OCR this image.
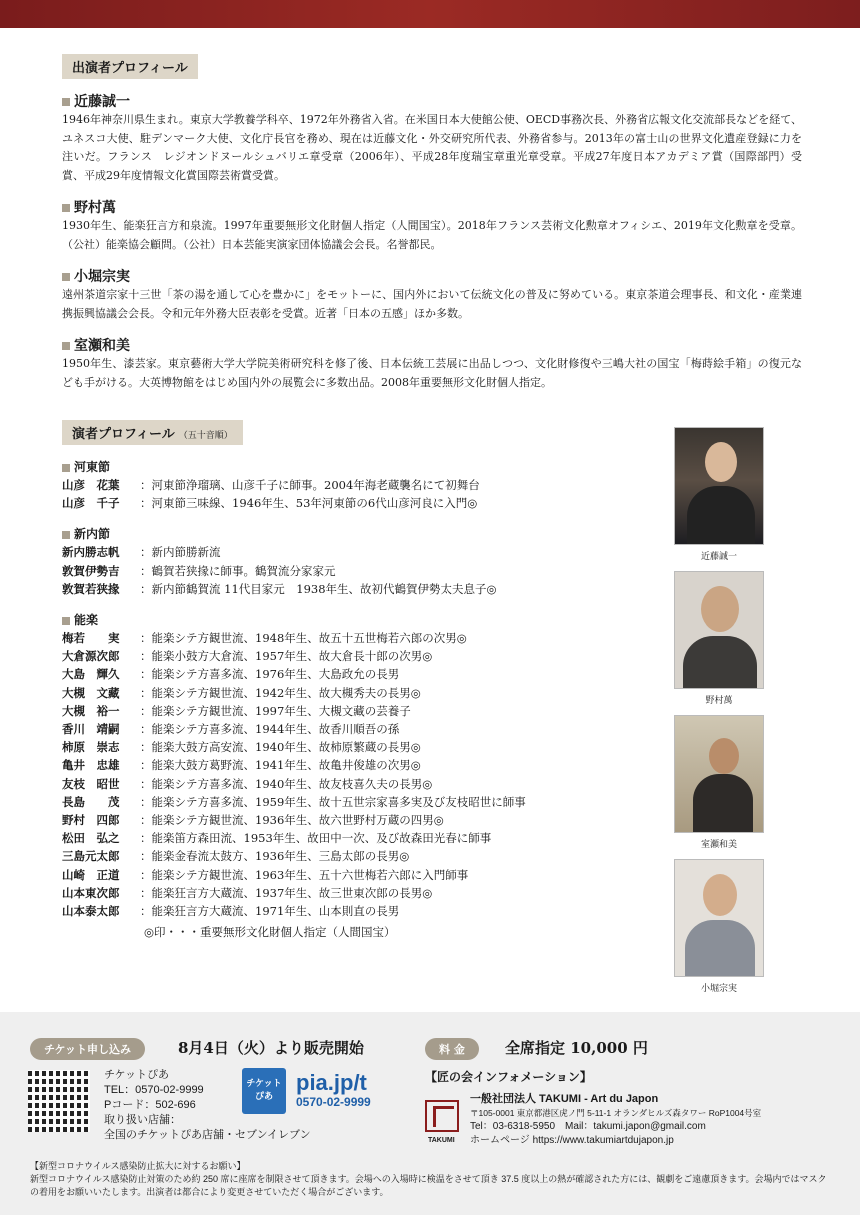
出演者プロフィール
近藤誠一
1946年神奈川県生まれ。東京大学教養学科卒、1972年外務省入省。在米国日本大使館公使、OECD事務次長、外務省広報文化交流部長などを経て、ユネスコ大使、駐デンマーク大使、文化庁長官を務め、現在は近藤文化・外交研究所代表、外務省参与。2013年の富士山の世界文化遺産登録に力を注いだ。フランス　レジオンドヌールシュバリエ章受章（2006年）、平成28年度瑞宝章重光章受章。平成27年度日本アカデミア賞（国際部門）受賞、平成29年度情報文化賞国際芸術賞受賞。
野村萬
1930年生、能楽狂言方和泉流。1997年重要無形文化財個人指定（人間国宝）。2018年フランス芸術文化勲章オフィシエ、2019年文化勲章を受章。（公社）能楽協会顧問。（公社）日本芸能実演家団体協議会会長。名誉都民。
小堀宗実
遠州茶道宗家十三世「茶の湯を通して心を豊かに」をモットーに、国内外において伝統文化の普及に努めている。東京茶道会理事長、和文化・産業連携振興協議会会長。令和元年外務大臣表彰を受賞。近著「日本の五感」ほか多数。
室瀬和美
1950年生、漆芸家。東京藝術大学大学院美術研究科を修了後、日本伝統工芸展に出品しつつ、文化財修復や三嶋大社の国宝「梅蒔絵手箱」の復元なども手がける。大英博物館をはじめ国内外の展覧会に多数出品。2008年重要無形文化財個人指定。
演者プロフィール （五十音順）
河東節
山彦　花葉 ：河東節浄瑠璃、山彦千子に師事。2004年海老蔵襲名にて初舞台
山彦　千子 ：河東節三味線、1946年生、53年河東節の6代山彦河良に入門◎
新内節
新内勝志帆 ：新内節勝新流
敦賀伊勢吉 ：鶴賀若狭掾に師事。鶴賀流分家家元
敦賀若狭掾 ：新内節鶴賀流 11代目家元　1938年生、故初代鶴賀伊勢太夫息子◎
能楽
梅若　　実 ：能楽シテ方観世流、1948年生、故五十五世梅若六郎の次男◎
大倉源次郎 ：能楽小鼓方大倉流、1957年生、故大倉長十郎の次男◎
大島　輝久 ：能楽シテ方喜多流、1976年生、大島政允の長男
大槻　文藏 ：能楽シテ方観世流、1942年生、故大槻秀夫の長男◎
大槻　裕一 ：能楽シテ方観世流、1997年生、大槻文藏の芸養子
香川　靖嗣 ：能楽シテ方喜多流、1944年生、故香川順吾の孫
柿原　崇志 ：能楽大鼓方高安流、1940年生、故柿原繁蔵の長男◎
亀井　忠雄 ：能楽大鼓方葛野流、1941年生、故亀井俊雄の次男◎
友枝　昭世 ：能楽シテ方喜多流、1940年生、故友枝喜久夫の長男◎
長島　　茂 ：能楽シテ方喜多流、1959年生、故十五世宗家喜多実及び友枝昭世に師事
野村　四郎 ：能楽シテ方観世流、1936年生、故六世野村万蔵の四男◎
松田　弘之 ：能楽笛方森田流、1953年生、故田中一次、及び故森田光春に師事
三島元太郎 ：能楽金春流太鼓方、1936年生、三島太郎の長男◎
山崎　正道 ：能楽シテ方観世流、1963年生、五十六世梅若六郎に入門師事
山本東次郎 ：能楽狂言方大蔵流、1937年生、故三世東次郎の長男◎
山本泰太郎 ：能楽狂言方大蔵流、1971年生、山本則直の長男
◎印・・・重要無形文化財個人指定（人間国宝）
近藤誠一
野村萬
室瀬和美
小堀宗実
チケット申し込み	8月4日（火）より販売開始	料 金	全席指定 10,000 円
チケットぴあ
TEL：0570-02-9999
Pコード：502-696
取り扱い店舗：
全国のチケットぴあ店舗・セブンイレブン
チケットぴあ
pia.jp/t
0570-02-9999
【匠の会インフォメーション】
TAKUMI
一般社団法人 TAKUMI - Art du Japon
〒105-0001 東京都港区虎ノ門 5-11-1 オランダヒルズ森タワー RoP1004号室
Tel：03-6318-5950　Mail：takumi.japon@gmail.com
ホームページ https://www.takumiartdujapon.jp
【新型コロナウイルス感染防止拡大に対するお願い】
新型コロナウイルス感染防止対策のため約 250 席に座席を制限させて頂きます。会場への入場時に検温をさせて頂き 37.5 度以上の熱が確認された方には、観劇をご遠慮頂きます。会場内ではマスクの着用をお願いいたします。出演者は都合により変更させていただく場合がございます。
